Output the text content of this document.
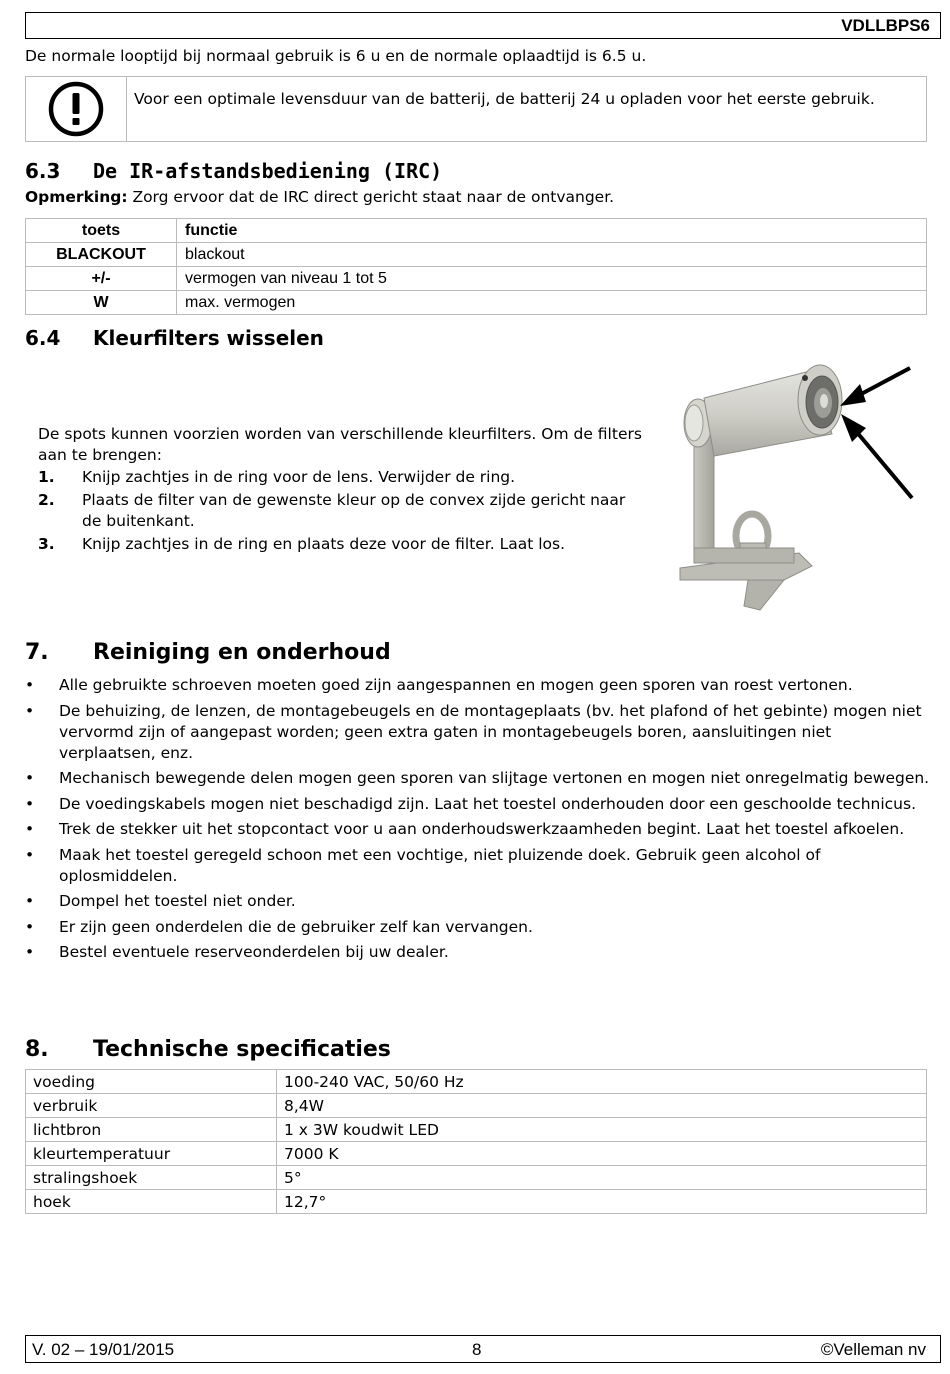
VDLLBPS6
De normale looptijd bij normaal gebruik is 6 u en de normale oplaadtijd is 6.5 u.
Voor een optimale levensduur van de batterij, de batterij 24 u opladen voor het eerste gebruik.
6.3 De IR-afstandsbediening (IRC)
Opmerking: Zorg ervoor dat de IRC direct gericht staat naar de ontvanger.
toets	functie
BLACKOUT	blackout
+/-	vermogen van niveau 1 tot 5
W	max. vermogen
6.4 Kleurfilters wisselen
De spots kunnen voorzien worden van verschillende kleurfilters. Om de filters aan te brengen:
1. Knijp zachtjes in de ring voor de lens. Verwijder de ring.
2. Plaats de filter van de gewenste kleur op de convex zijde gericht naar de buitenkant.
3. Knijp zachtjes in de ring en plaats deze voor de filter. Laat los.
7. Reiniging en onderhoud
• Alle gebruikte schroeven moeten goed zijn aangespannen en mogen geen sporen van roest vertonen.
• De behuizing, de lenzen, de montagebeugels en de montageplaats (bv. het plafond of het gebinte) mogen niet vervormd zijn of aangepast worden; geen extra gaten in montagebeugels boren, aansluitingen niet verplaatsen, enz.
• Mechanisch bewegende delen mogen geen sporen van slijtage vertonen en mogen niet onregelmatig bewegen.
• De voedingskabels mogen niet beschadigd zijn. Laat het toestel onderhouden door een geschoolde technicus.
• Trek de stekker uit het stopcontact voor u aan onderhoudswerkzaamheden begint. Laat het toestel afkoelen.
• Maak het toestel geregeld schoon met een vochtige, niet pluizende doek. Gebruik geen alcohol of oplosmiddelen.
• Dompel het toestel niet onder.
• Er zijn geen onderdelen die de gebruiker zelf kan vervangen.
• Bestel eventuele reserveonderdelen bij uw dealer.
8. Technische specificaties
voeding	100-240 VAC, 50/60 Hz
verbruik	8,4W
lichtbron	1 x 3W koudwit LED
kleurtemperatuur	7000 K
stralingshoek	5°
hoek	12,7°
V. 02 – 19/01/2015	8	©Velleman nv
